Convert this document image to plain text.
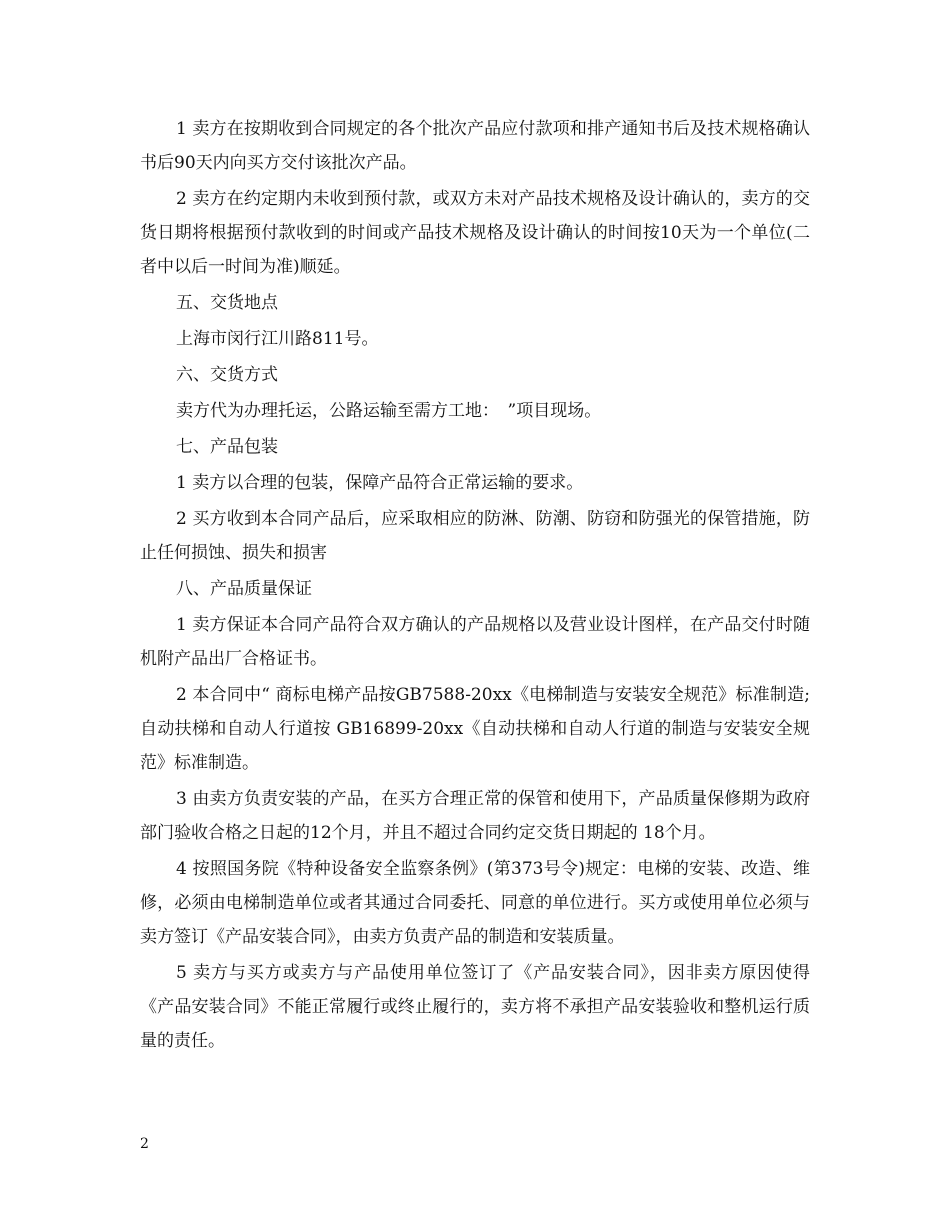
1 卖方在按期收到合同规定的各个批次产品应付款项和排产通知书后及技术规格确认书后90天内向买方交付该批次产品。

2 卖方在约定期内未收到预付款，或双方未对产品技术规格及设计确认的，卖方的交货日期将根据预付款收到的时间或产品技术规格及设计确认的时间按10天为一个单位(二者中以后一时间为准)顺延。

五、交货地点

上海市闵行江川路811号。

六、交货方式

卖方代为办理托运，公路运输至需方工地：　”项目现场。

七、产品包装

1 卖方以合理的包装，保障产品符合正常运输的要求。

2 买方收到本合同产品后，应采取相应的防淋、防潮、防窃和防强光的保管措施，防止任何损蚀、损失和损害

八、产品质量保证

1 卖方保证本合同产品符合双方确认的产品规格以及营业设计图样，在产品交付时随机附产品出厂合格证书。

2 本合同中“ 商标电梯产品按GB7588-20xx《电梯制造与安装安全规范》标准制造;自动扶梯和自动人行道按 GB16899-20xx《自动扶梯和自动人行道的制造与安装安全规范》标准制造。

3 由卖方负责安装的产品，在买方合理正常的保管和使用下，产品质量保修期为政府部门验收合格之日起的12个月，并且不超过合同约定交货日期起的 18个月。

4 按照国务院《特种设备安全监察条例》(第373号令)规定：电梯的安装、改造、维修，必须由电梯制造单位或者其通过合同委托、同意的单位进行。买方或使用单位必须与卖方签订《产品安装合同》，由卖方负责产品的制造和安装质量。

5 卖方与买方或卖方与产品使用单位签订了《产品安装合同》，因非卖方原因使得《产品安装合同》不能正常履行或终止履行的，卖方将不承担产品安装验收和整机运行质量的责任。

2
